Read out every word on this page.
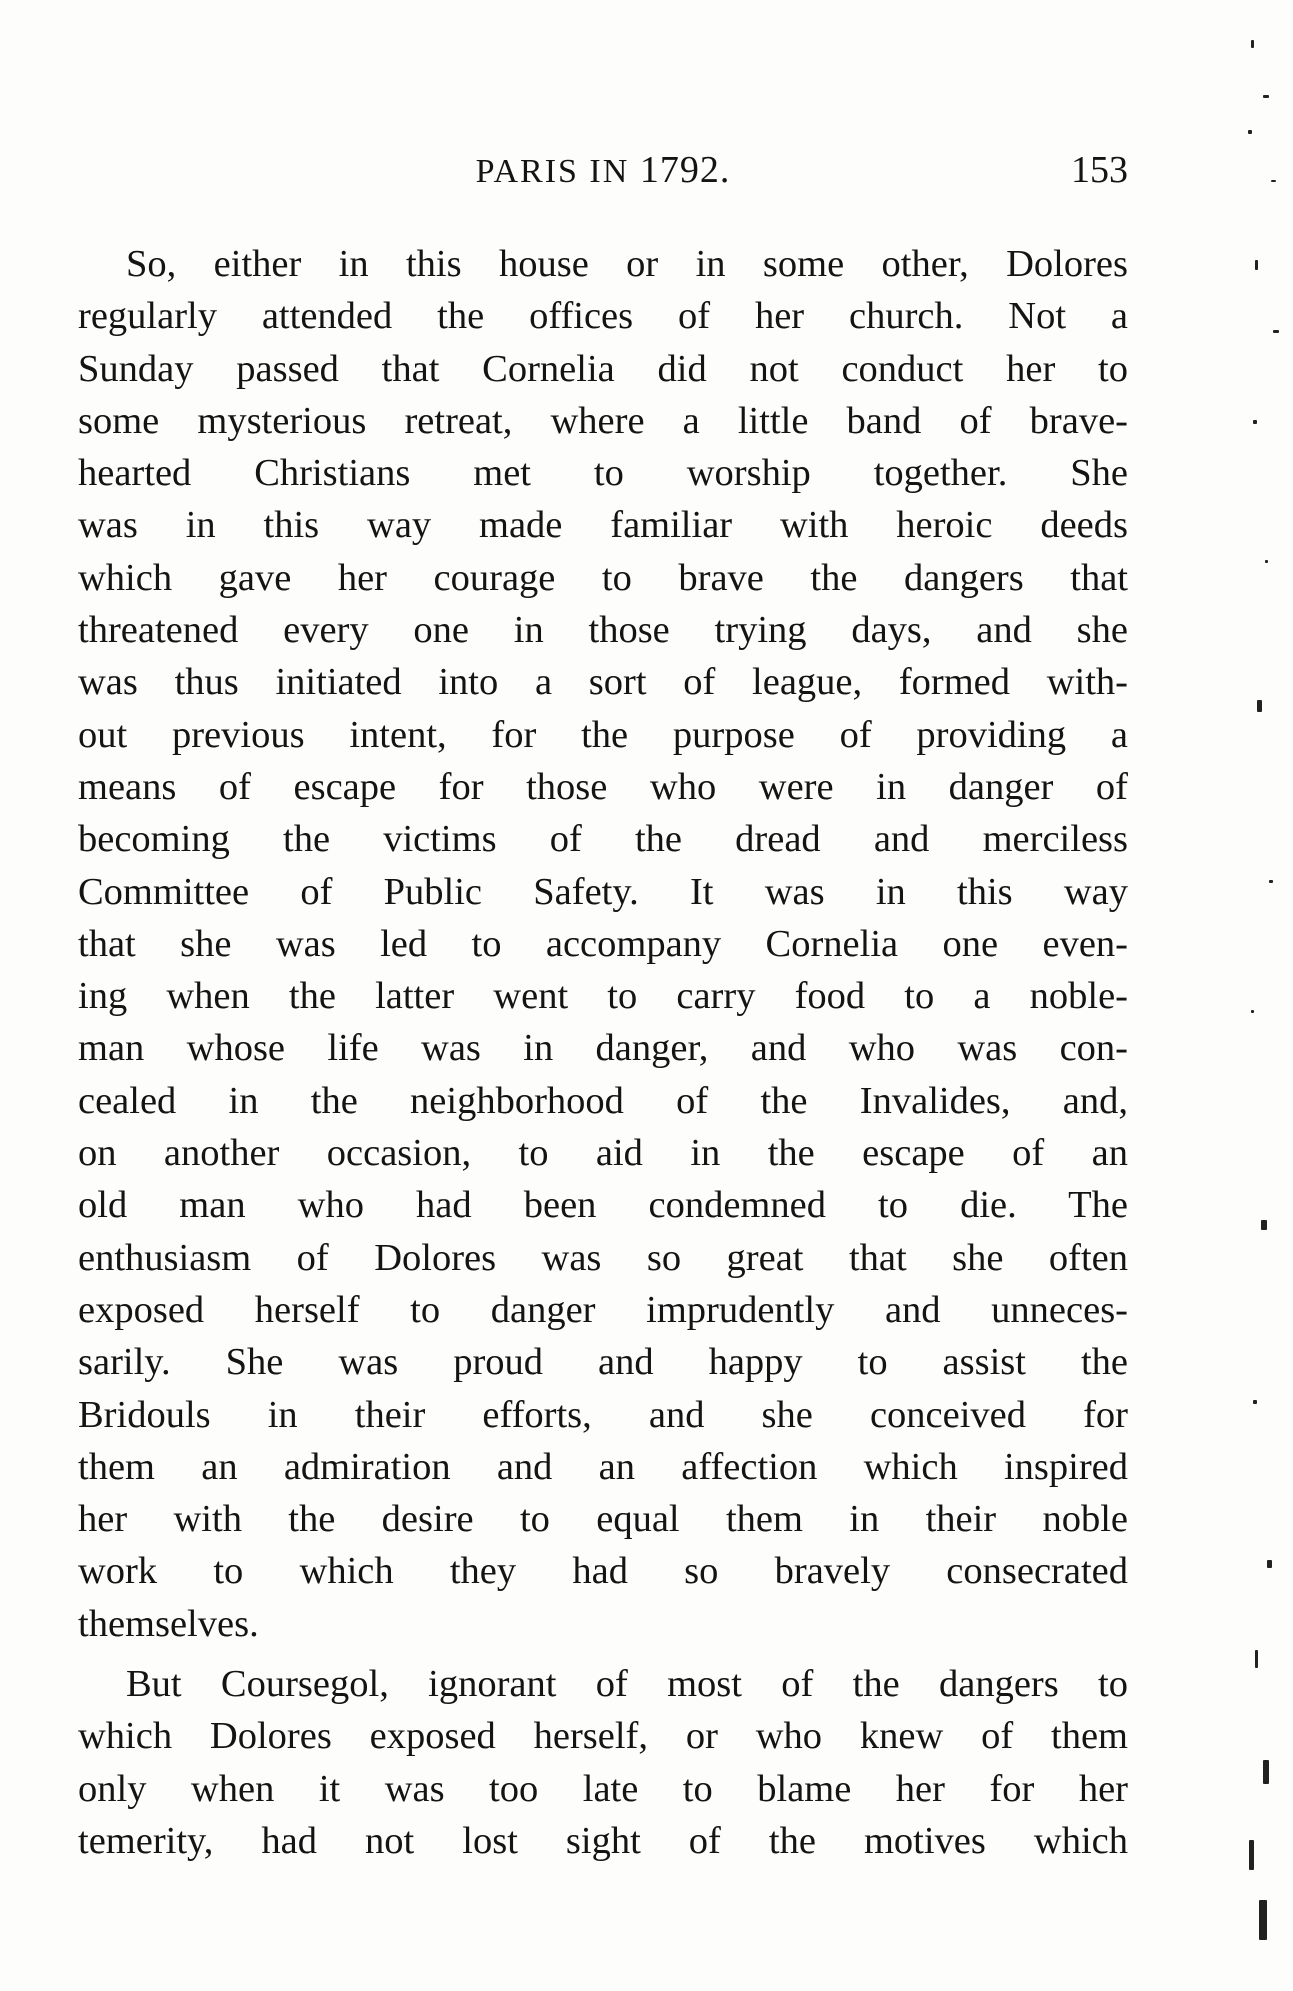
PARIS IN 1792.	153
So, either in this house or in some other, Dolores
regularly attended the offices of her church. Not a
Sunday passed that Cornelia did not conduct her to
some mysterious retreat, where a little band of brave-
hearted Christians met to worship together. She
was in this way made familiar with heroic deeds
which gave her courage to brave the dangers that
threatened every one in those trying days, and she
was thus initiated into a sort of league, formed with-
out previous intent, for the purpose of providing a
means of escape for those who were in danger of
becoming the victims of the dread and merciless
Committee of Public Safety. It was in this way
that she was led to accompany Cornelia one even-
ing when the latter went to carry food to a noble-
man whose life was in danger, and who was con-
cealed in the neighborhood of the Invalides, and,
on another occasion, to aid in the escape of an
old man who had been condemned to die. The
enthusiasm of Dolores was so great that she often
exposed herself to danger imprudently and unneces-
sarily. She was proud and happy to assist the
Bridouls in their efforts, and she conceived for
them an admiration and an affection which inspired
her with the desire to equal them in their noble
work to which they had so bravely consecrated
themselves.
But Coursegol, ignorant of most of the dangers to
which Dolores exposed herself, or who knew of them
only when it was too late to blame her for her
temerity, had not lost sight of the motives which
